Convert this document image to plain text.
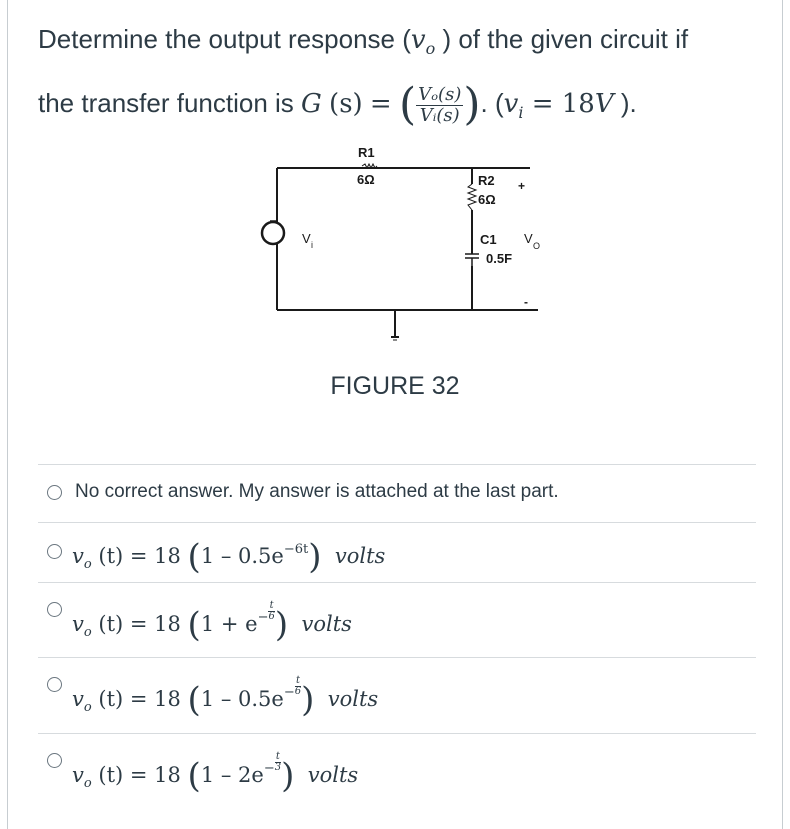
Determine the output response ($v_o$ ) of the given circuit if
the transfer function is G (s) = ( $\frac{\text{Vₒ(s)}}{\text{Vᵢ(s)}}$ ). ($v_i = 18V$ ).
R1
6Ω	R2
6Ω
C1
0.5F
+
-
V i	V O
FIGURE 32
No correct answer. My answer is attached at the last part.
$v_o$ (t) = 18 $(1 - 0.5e^{-6t})$ volts
$v_o$ (t) = 18 ($1 + e^- \frac{t}{6}$ ) volts
$v_o$ (t) = 18 ($1 - 0.5e^- \frac{t}{6}$ ) volts
$v_o$ (t) = 18 ($1 - 2e^- \frac{t}{3}$ ) volts
